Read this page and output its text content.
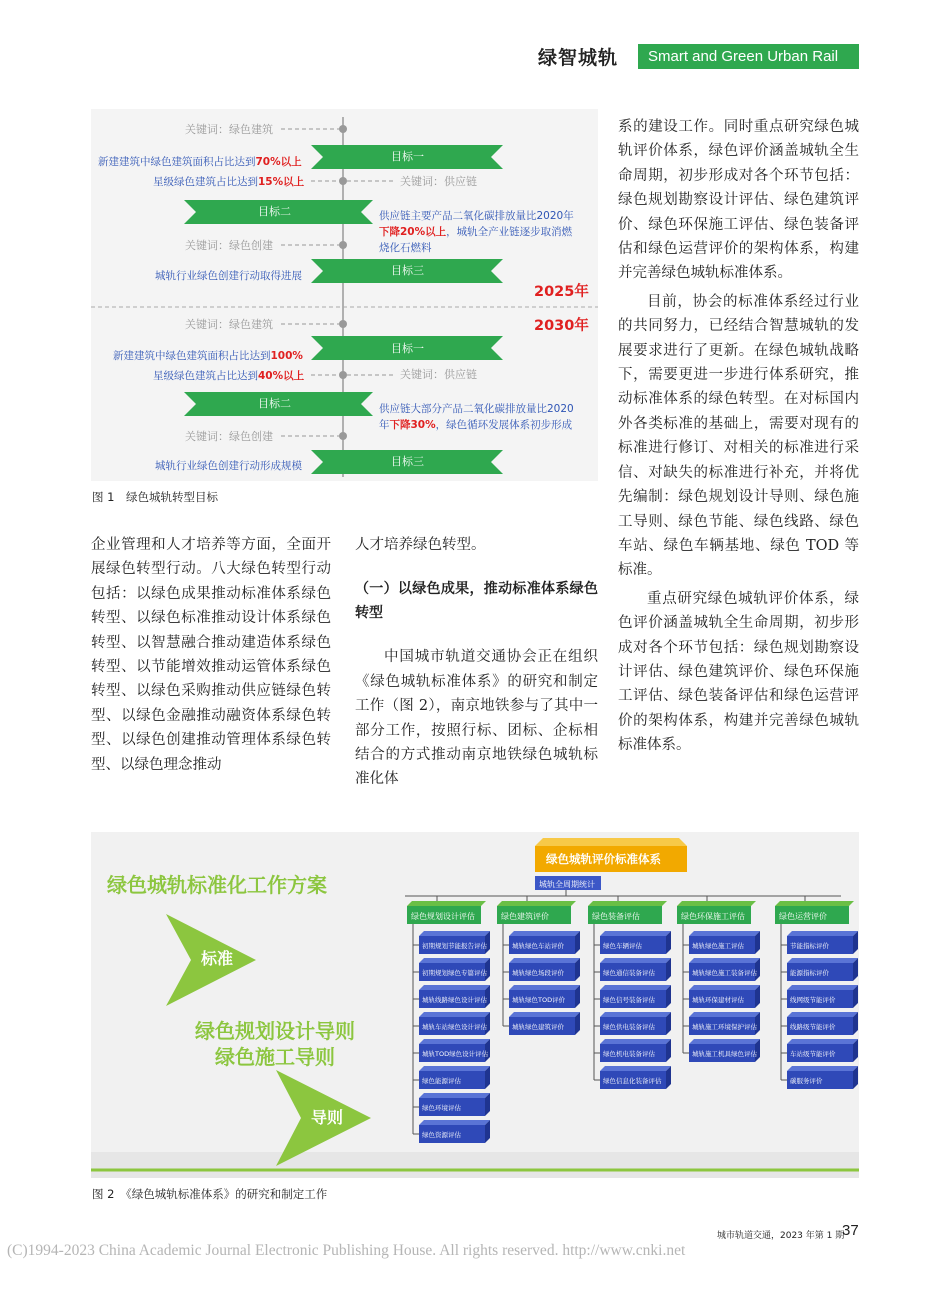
绿智城轨	Smart and Green Urban Rail
关键词：绿色建筑
目标一
新建建筑中绿色建筑面积占比达到70%以上
星级绿色建筑占比达到15%以上	关键词：供应链
目标二	供应链主要产品二氧化碳排放量比2020年
下降20%以上，城轨全产业链逐步取消燃
烧化石燃料
关键词：绿色创建
目标三
城轨行业绿色创建行动取得进展
2025年
关键词：绿色建筑	2030年
目标一
新建建筑中绿色建筑面积占比达到100%
星级绿色建筑占比达到40%以上	关键词：供应链
目标二	供应链大部分产品二氧化碳排放量比2020
年下降30%，绿色循环发展体系初步形成
关键词：绿色创建
目标三
城轨行业绿色创建行动形成规模
图 1　绿色城轨转型目标

系的建设工作。同时重点研究绿色城轨评价体系，绿色评价涵盖城轨全生命周期，初步形成对各个环节包括：绿色规划勘察设计评估、绿色建筑评价、绿色环保施工评估、绿色装备评估和绿色运营评价的架构体系，构建并完善绿色城轨标准体系。

目前，协会的标准体系经过行业的共同努力，已经结合智慧城轨的发展要求进行了更新。在绿色城轨战略下，需要更进一步进行体系研究，推动标准体系的绿色转型。在对标国内外各类标准的基础上，需要对现有的标准进行修订、对相关的标准进行采信、对缺失的标准进行补充，并将优先编制：绿色规划设计导则、绿色施工导则、绿色节能、绿色线路、绿色车站、绿色车辆基地、绿色 TOD 等标准。

重点研究绿色城轨评价体系，绿色评价涵盖城轨全生命周期，初步形成对各个环节包括：绿色规划勘察设计评估、绿色建筑评价、绿色环保施工评估、绿色装备评估和绿色运营评价的架构体系，构建并完善绿色城轨标准体系。

企业管理和人才培养等方面，全面开展绿色转型行动。八大绿色转型行动包括：以绿色成果推动标准体系绿色转型、以绿色标准推动设计体系绿色转型、以智慧融合推动建造体系绿色转型、以节能增效推动运管体系绿色转型、以绿色采购推动供应链绿色转型、以绿色金融推动融资体系绿色转型、以绿色创建推动管理体系绿色转型、以绿色理念推动

人才培养绿色转型。

（一）以绿色成果，推动标准体系绿色转型

中国城市轨道交通协会正在组织《绿色城轨标准体系》的研究和制定工作（图 2），南京地铁参与了其中一部分工作，按照行标、团标、企标相结合的方式推动南京地铁绿色城轨标准化体

绿色城轨标准化工作方案
标准
绿色规划设计导则
绿色施工导则
导则
绿色城轨评价标准体系
城轨全周期统计
绿色规划设计评估
初期规划节能报告评估
初期规划绿色专篇评估
城轨线路绿色设计评估
城轨车站绿色设计评估
城轨TOD绿色设计评估
绿色能源评估
绿色环境评估
绿色资源评估
绿色建筑评价
城轨绿色车站评价
城轨绿色场段评价
城轨绿色TOD评价
城轨绿色建筑评价
绿色装备评估
绿色车辆评估
绿色通信装备评估
绿色信号装备评估
绿色供电装备评估
绿色机电装备评估
绿色信息化装备评估
绿色环保施工评估
城轨绿色施工评估
城轨绿色施工装备评估
城轨环保建材评估
城轨施工环境保护评估
城轨施工机具绿色评估
绿色运营评价
节能指标评价
能源指标评价
线网级节能评价
线路级节能评价
车站级节能评价
碳服务评价
图 2　《绿色城轨标准体系》的研究和制定工作
城市轨道交通，2023 年第 1 期
37
(C)1994-2023 China Academic Journal Electronic Publishing House. All rights reserved. http://www.cnki.net
